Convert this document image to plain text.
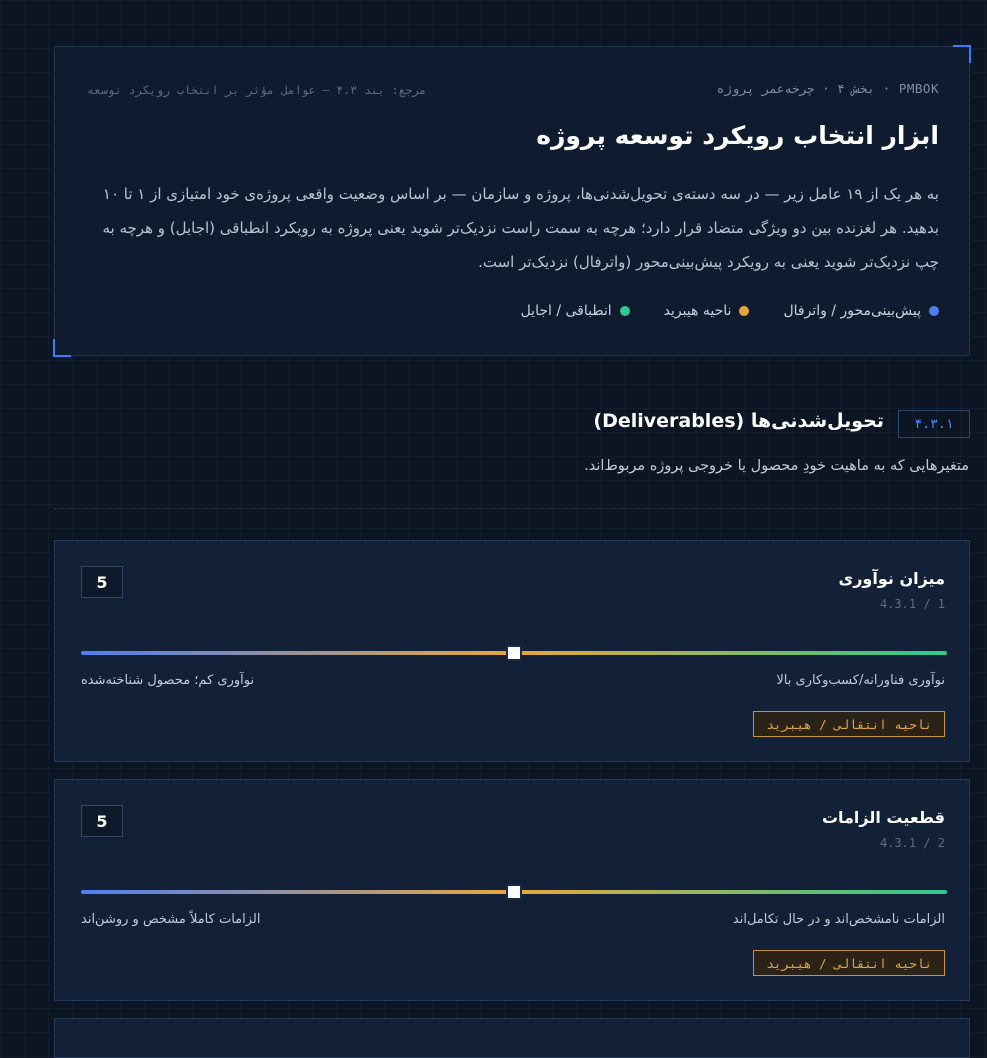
PMBOK · بخش ۴ · چرخه‌عمر پروژه
مرجع: بند ۴.۳ — عوامل مؤثر بر انتخاب رویکرد توسعه
ابزار انتخاب رویکرد توسعه پروژه

به هر یک از ۱۹ عامل زیر — در سه دسته‌ی تحویل‌شدنی‌ها، پروژه و سازمان — بر اساس وضعیت واقعی پروژه‌ی خود امتیازی از ۱ تا ۱۰ بدهید. هر لغزنده بین دو ویژگی متضاد قرار دارد؛ هرچه به سمت راست نزدیک‌تر شوید یعنی پروژه به رویکرد انطباقی (اجایل) و هرچه به چپ نزدیک‌تر شوید یعنی به رویکرد پیش‌بینی‌محور (واترفال) نزدیک‌تر است.

پیش‌بینی‌محور / واترفال
ناحیه هیبرید
انطباقی / اجایل
۴.۳.۱
تحویل‌شدنی‌ها (Deliverables)
متغیرهایی که به ماهیت خودِ محصول یا خروجی پروژه مربوط‌اند.
5	میزان نوآوری
4.3.1 / 1
نوآوری فناورانه/کسب‌وکاری بالا
نوآوری کم؛ محصول شناخته‌شده
ناحیه انتقالی / هیبرید
5	قطعیت الزامات
4.3.1 / 2
الزامات نامشخص‌اند و در حال تکامل‌اند
الزامات کاملاً مشخص و روشن‌اند
ناحیه انتقالی / هیبرید
